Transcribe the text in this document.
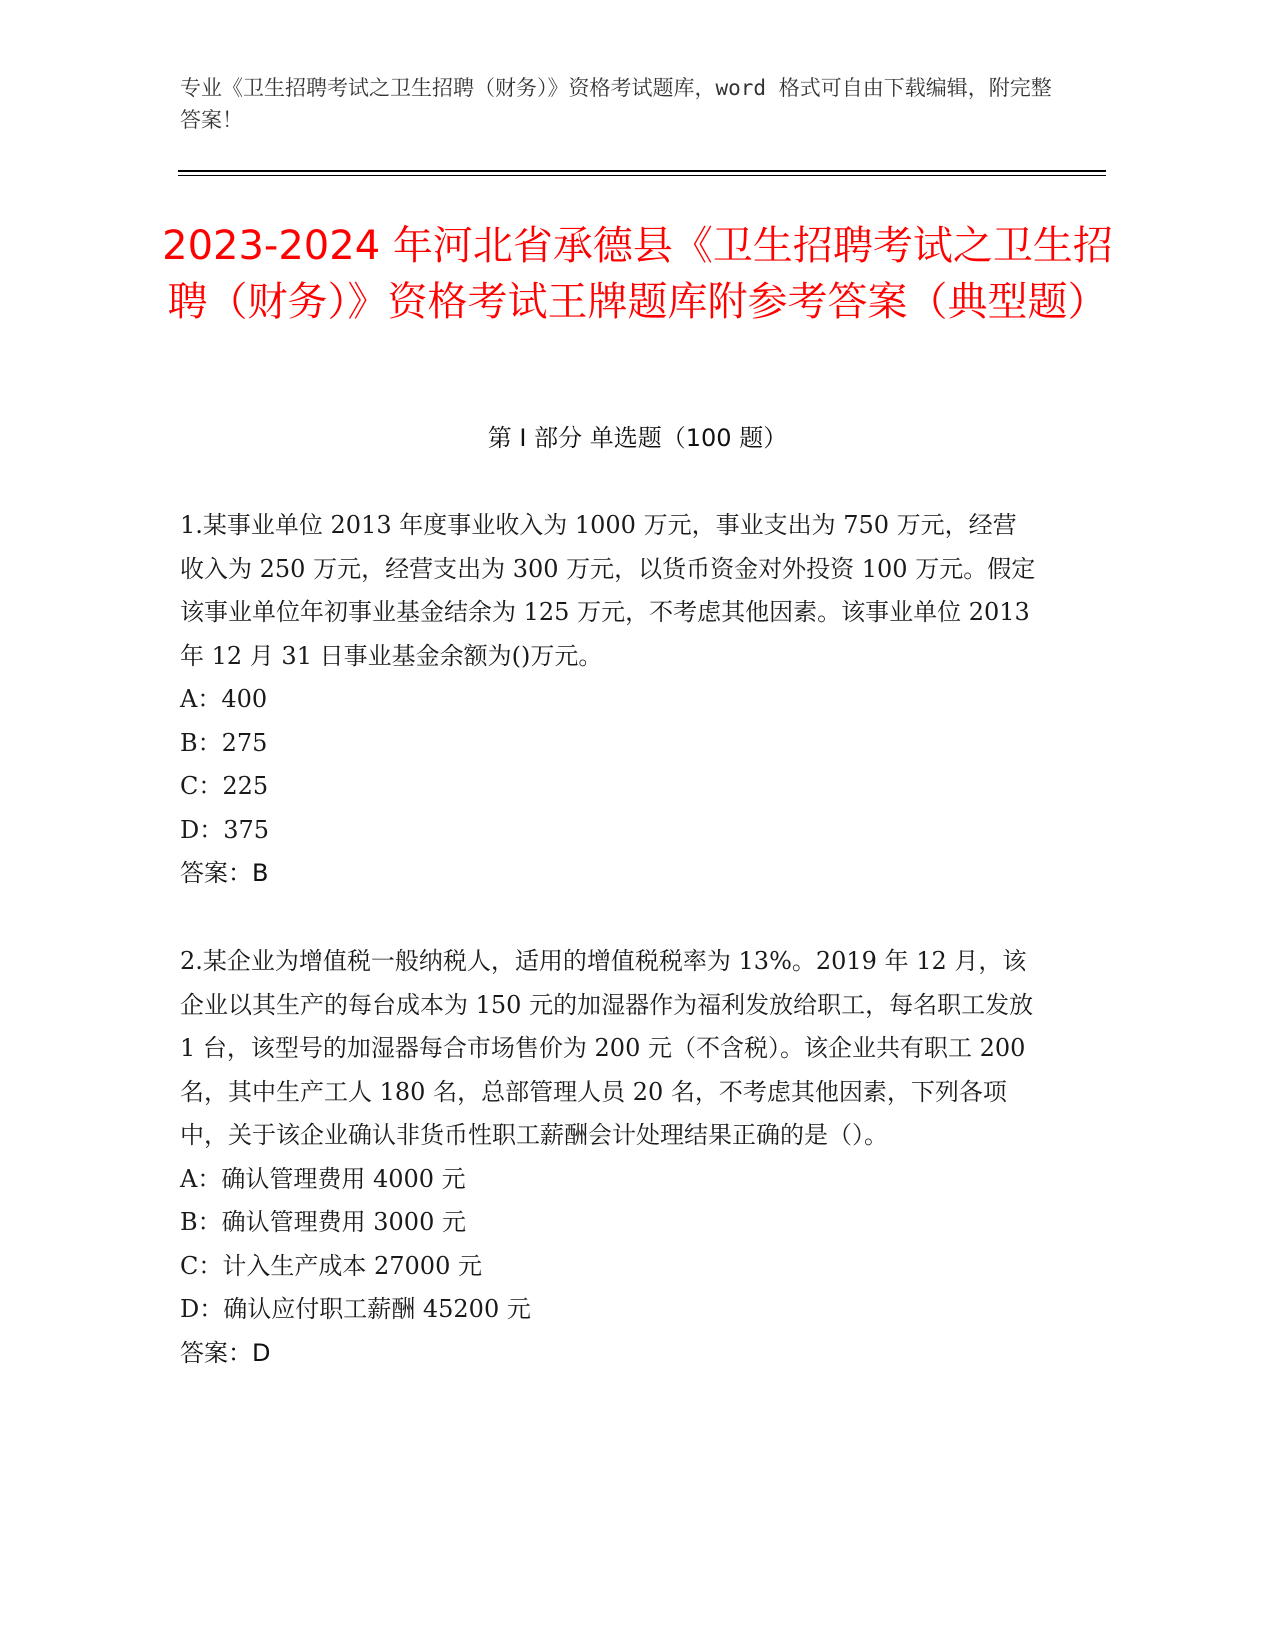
专业《卫生招聘考试之卫生招聘（财务）》资格考试题库，word 格式可自由下载编辑，附完整答案！
2023-2024 年河北省承德县《卫生招聘考试之卫生招聘（财务）》资格考试王牌题库附参考答案（典型题）
第 I 部分 单选题（100 题）

1.某事业单位 2013 年度事业收入为 1000 万元，事业支出为 750 万元，经营收入为 250 万元，经营支出为 300 万元，以货币资金对外投资 100 万元。假定该事业单位年初事业基金结余为 125 万元，不考虑其他因素。该事业单位 2013 年 12 月 31 日事业基金余额为()万元。

A：400

B：275

C：225

D：375

答案：B

2.某企业为增值税一般纳税人，适用的增值税税率为 13%。2019 年 12 月，该企业以其生产的每台成本为 150 元的加湿器作为福利发放给职工，每名职工发放 1 台，该型号的加湿器每合市场售价为 200 元（不含税）。该企业共有职工 200 名，其中生产工人 180 名，总部管理人员 20 名，不考虑其他因素，下列各项中，关于该企业确认非货币性职工薪酬会计处理结果正确的是（）。

A：确认管理费用 4000 元

B：确认管理费用 3000 元

C：计入生产成本 27000 元

D：确认应付职工薪酬 45200 元

答案：D
